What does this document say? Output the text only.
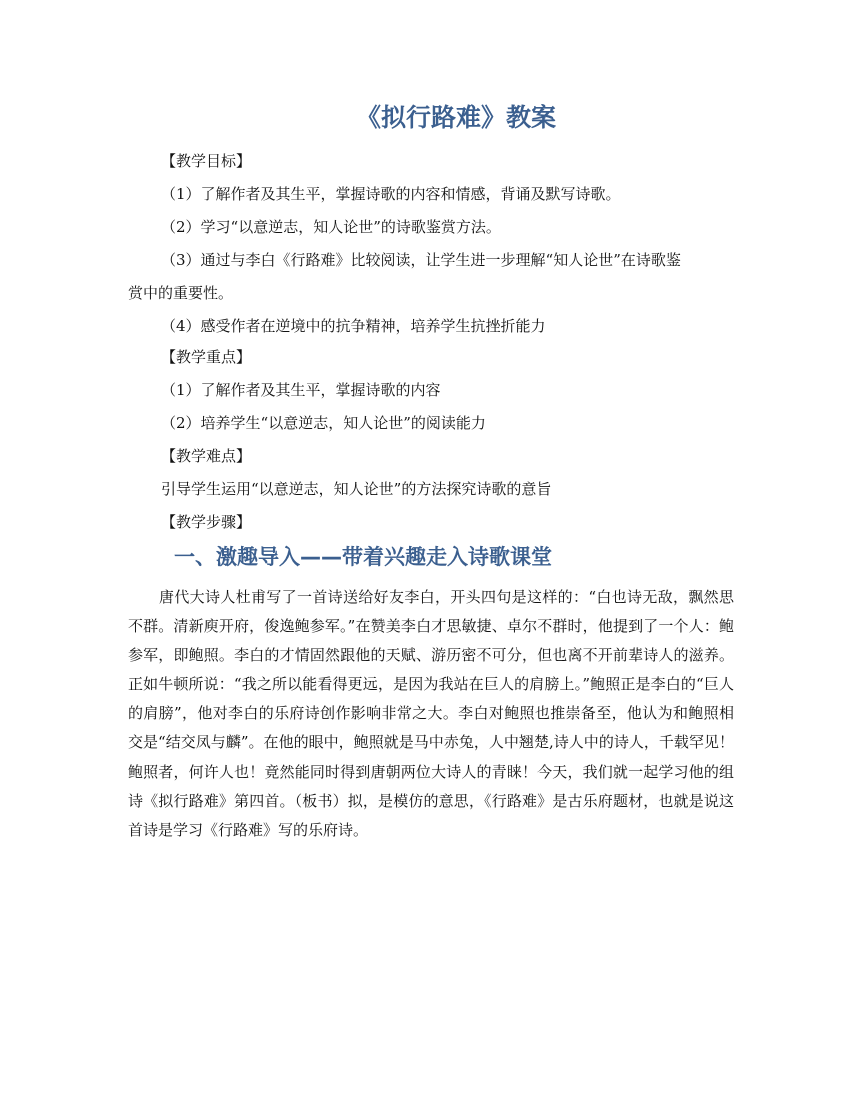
《拟行路难》教案

【教学目标】

（1）了解作者及其生平，掌握诗歌的内容和情感，背诵及默写诗歌。

（2）学习“以意逆志，知人论世”的诗歌鉴赏方法。

（3）通过与李白《行路难》比较阅读，让学生进一步理解“知人论世”在诗歌鉴

赏中的重要性。

（4）感受作者在逆境中的抗争精神，培养学生抗挫折能力

【教学重点】

（1）了解作者及其生平，掌握诗歌的内容

（2）培养学生“以意逆志，知人论世”的阅读能力

【教学难点】

引导学生运用“以意逆志，知人论世”的方法探究诗歌的意旨

【教学步骤】

一、激趣导入——带着兴趣走入诗歌课堂

唐代大诗人杜甫写了一首诗送给好友李白，开头四句是这样的：“白也诗无敌，飘然思不群。清新庾开府，俊逸鲍参军。”在赞美李白才思敏捷、卓尔不群时，他提到了一个人：鲍参军，即鲍照。李白的才情固然跟他的天赋、游历密不可分，但也离不开前辈诗人的滋养。正如牛顿所说：“我之所以能看得更远，是因为我站在巨人的肩膀上。”鲍照正是李白的“巨人的肩膀”，他对李白的乐府诗创作影响非常之大。李白对鲍照也推崇备至，他认为和鲍照相交是“结交凤与麟”。在他的眼中，鲍照就是马中赤兔，人中翘楚,诗人中的诗人，千载罕见！鲍照者，何许人也！竟然能同时得到唐朝两位大诗人的青睐！今天，我们就一起学习他的组诗《拟行路难》第四首。（板书）拟，是模仿的意思，《行路难》是古乐府题材，也就是说这首诗是学习《行路难》写的乐府诗。
